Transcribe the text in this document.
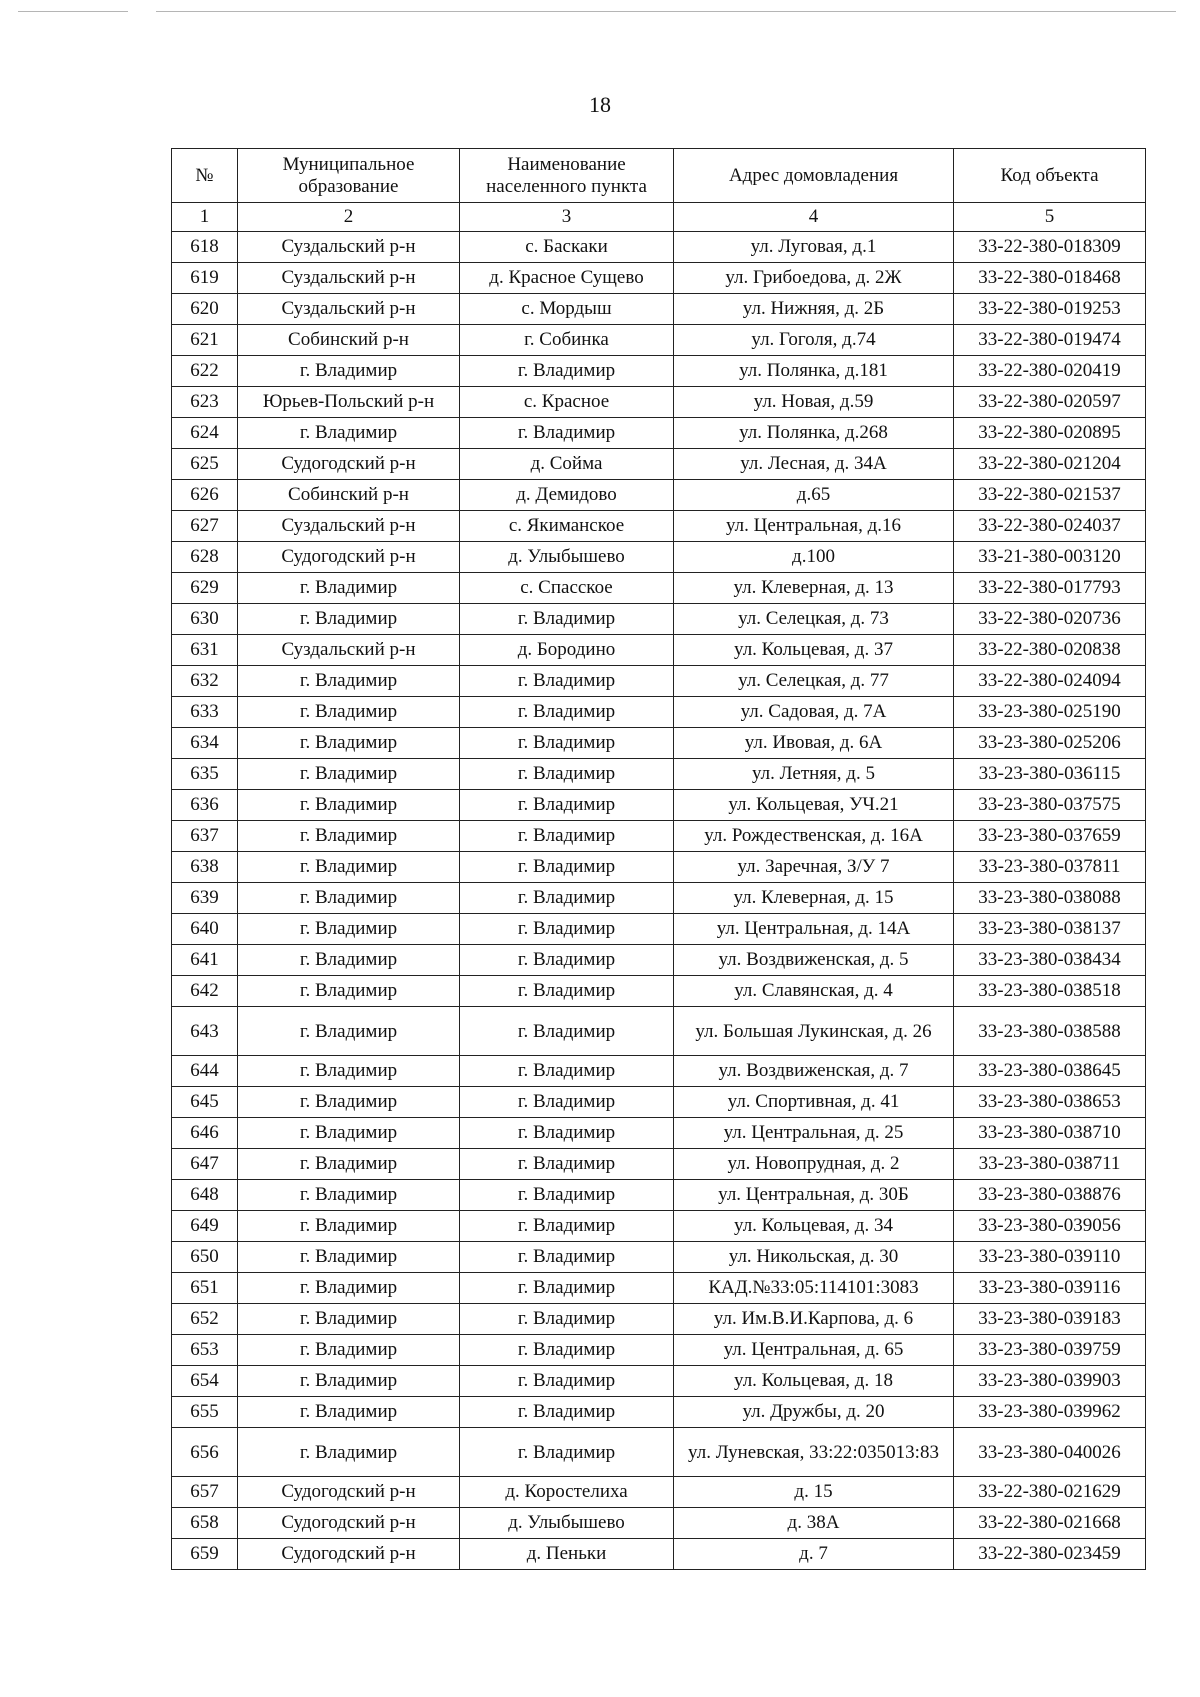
18
№	Муниципальное образование	Наименование населенного пункта	Адрес домовладения	Код объекта
1	2	3	4	5
618	Суздальский р-н	с. Баскаки	ул. Луговая, д.1	33-22-380-018309
619	Суздальский р-н	д. Красное Сущево	ул. Грибоедова, д. 2Ж	33-22-380-018468
620	Суздальский р-н	с. Мордыш	ул. Нижняя, д. 2Б	33-22-380-019253
621	Собинский р-н	г. Собинка	ул. Гоголя, д.74	33-22-380-019474
622	г. Владимир	г. Владимир	ул. Полянка, д.181	33-22-380-020419
623	Юрьев-Польский р-н	с. Красное	ул. Новая, д.59	33-22-380-020597
624	г. Владимир	г. Владимир	ул. Полянка, д.268	33-22-380-020895
625	Судогодский р-н	д. Сойма	ул. Лесная, д. 34А	33-22-380-021204
626	Собинский р-н	д. Демидово	д.65	33-22-380-021537
627	Суздальский р-н	с. Якиманское	ул. Центральная, д.16	33-22-380-024037
628	Судогодский р-н	д. Улыбышево	д.100	33-21-380-003120
629	г. Владимир	с. Спасское	ул. Клеверная, д. 13	33-22-380-017793
630	г. Владимир	г. Владимир	ул. Селецкая, д. 73	33-22-380-020736
631	Суздальский р-н	д. Бородино	ул. Кольцевая, д. 37	33-22-380-020838
632	г. Владимир	г. Владимир	ул. Селецкая, д. 77	33-22-380-024094
633	г. Владимир	г. Владимир	ул. Садовая, д. 7А	33-23-380-025190
634	г. Владимир	г. Владимир	ул. Ивовая, д. 6А	33-23-380-025206
635	г. Владимир	г. Владимир	ул. Летняя, д. 5	33-23-380-036115
636	г. Владимир	г. Владимир	ул. Кольцевая, УЧ.21	33-23-380-037575
637	г. Владимир	г. Владимир	ул. Рождественская, д. 16А	33-23-380-037659
638	г. Владимир	г. Владимир	ул. Заречная, З/У 7	33-23-380-037811
639	г. Владимир	г. Владимир	ул. Клеверная, д. 15	33-23-380-038088
640	г. Владимир	г. Владимир	ул. Центральная, д. 14А	33-23-380-038137
641	г. Владимир	г. Владимир	ул. Воздвиженская, д. 5	33-23-380-038434
642	г. Владимир	г. Владимир	ул. Славянская, д. 4	33-23-380-038518
643	г. Владимир	г. Владимир	ул. Большая Лукинская, д. 26	33-23-380-038588
644	г. Владимир	г. Владимир	ул. Воздвиженская, д. 7	33-23-380-038645
645	г. Владимир	г. Владимир	ул. Спортивная, д. 41	33-23-380-038653
646	г. Владимир	г. Владимир	ул. Центральная, д. 25	33-23-380-038710
647	г. Владимир	г. Владимир	ул. Новопрудная, д. 2	33-23-380-038711
648	г. Владимир	г. Владимир	ул. Центральная, д. 30Б	33-23-380-038876
649	г. Владимир	г. Владимир	ул. Кольцевая, д. 34	33-23-380-039056
650	г. Владимир	г. Владимир	ул. Никольская, д. 30	33-23-380-039110
651	г. Владимир	г. Владимир	КАД.№33:05:114101:3083	33-23-380-039116
652	г. Владимир	г. Владимир	ул. Им.В.И.Карпова, д. 6	33-23-380-039183
653	г. Владимир	г. Владимир	ул. Центральная, д. 65	33-23-380-039759
654	г. Владимир	г. Владимир	ул. Кольцевая, д. 18	33-23-380-039903
655	г. Владимир	г. Владимир	ул. Дружбы, д. 20	33-23-380-039962
656	г. Владимир	г. Владимир	ул. Луневская, 33:22:035013:83	33-23-380-040026
657	Судогодский р-н	д. Коростелиха	д. 15	33-22-380-021629
658	Судогодский р-н	д. Улыбышево	д. 38А	33-22-380-021668
659	Судогодский р-н	д. Пеньки	д. 7	33-22-380-023459
